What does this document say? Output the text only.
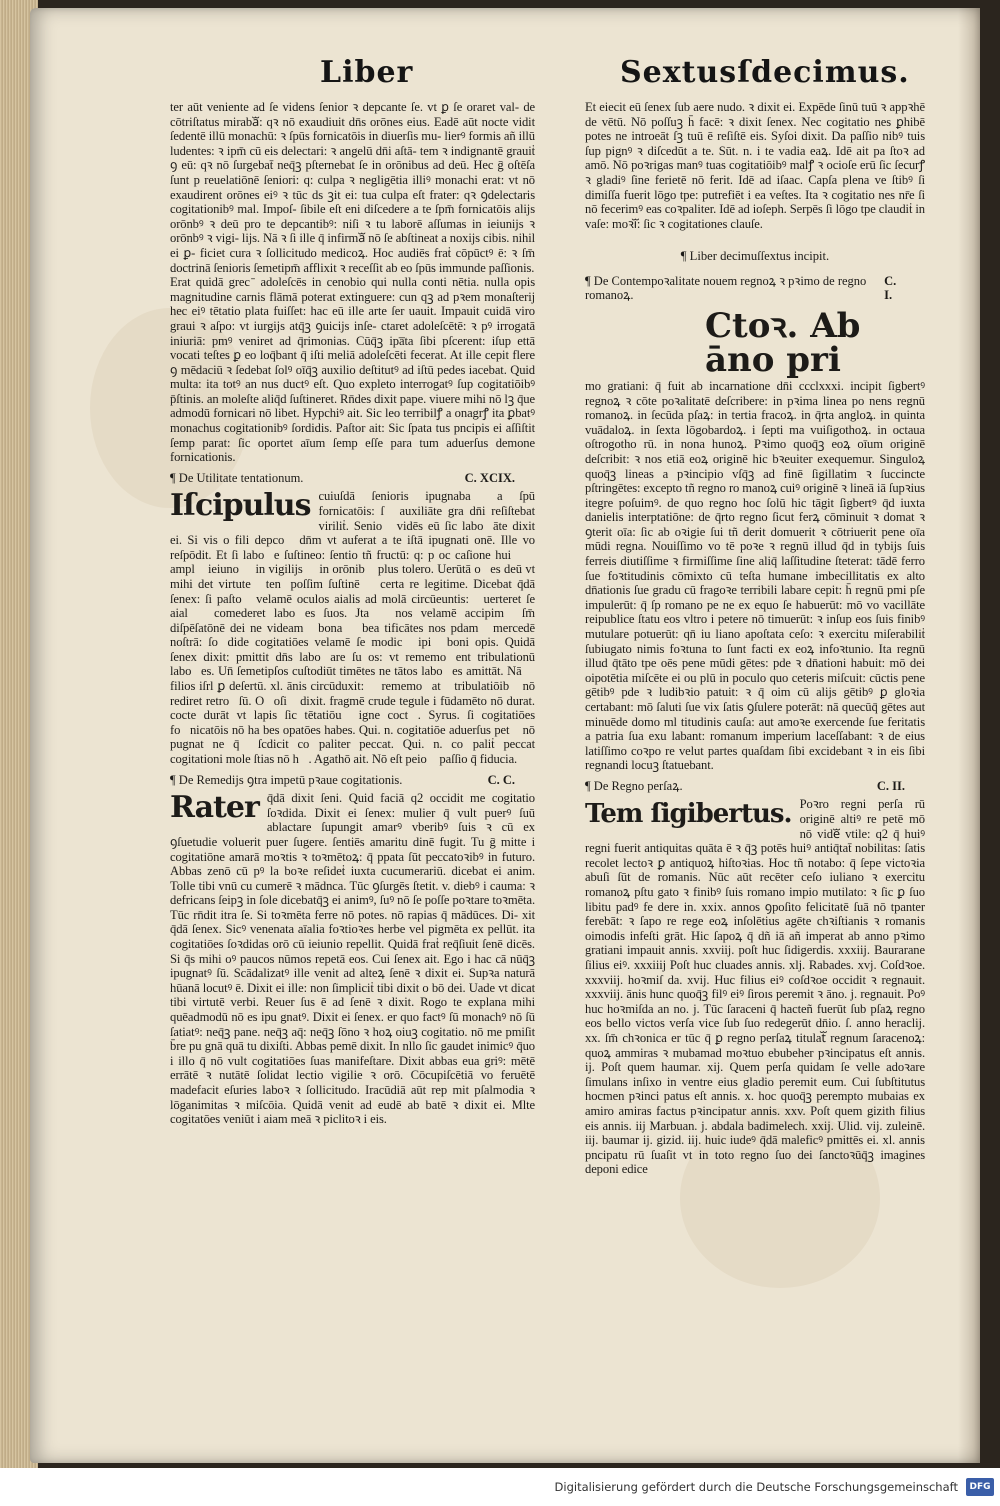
Liber	Sextusſdecimus.

ter aūt veniente ad ſe videns ſenior ꝛ depcante ſe. vt ꝑ ſe oraret val- de cōtriſtatus mirabaᷓ: qꝛ nō exaudiuit dn̄s orōnes eius. Eadē aūt nocte vidit ſedentē illū monachū: ꝛ ſpūs fornicatōis in diuerſis mu- lierꝰ formis añ illū ludentes: ꝛ ipm̄ cū eis delectari: ꝛ angelū dn̄i aſtā- tem ꝛ indignantē grauiṫ ꝯ eū: qꝛ nō ſurgebat̄ neq̄ꝫ pſternebat ſe in orōnibus ad deū. Hec ḡ oſtēſa ſunt p reuelatiōnē ſeniori: q: culpa ꝛ negligētia illiꝰ monachi erat: vt nō exaudirent orōnes eiꝰ ꝛ tūc ds ꝫit ei: tua culpa eſt frater: qꝛ ꝯdelectaris cogitationibꝰ mal. Impoſ- ſibile eſt eni diſcedere a te ſpm̄ fornicatōis alijs orōnbꝰ ꝛ deū pro te depcantibꝰ: niſi ꝛ tu laborē aſſumas in ieiunijs ꝛ orōnbꝰ ꝛ vigi- lijs. Nā ꝛ ſi ille q̄ infirmaᷓ nō ſe abſtineat a noxijs cibis. nihil ei ꝑ- ficiet cura ꝛ ſollicitudo medicoꝝ. Hoc audiēs fraṫ cōpūctꝰ ē: ꝛ ſm̄ doctrinā ſenioris ſemetipm̄ afflixit ꝛ receſſit ab eo ſpūs immunde paſſionis.

Erat quidā grec ̄ adoleſcēs in cenobio qui nulla conti nētia. nulla opis magnitudine carnis flāmā poterat extinguere: cun qꝫ ad pꝛem monaſterij hec eiꝰ tētatio plata fuiſſet: hac eū ille arte ſer uauit. Impauit cuidā viro graui ꝛ aſpo: vt iurgijs atq̄ꝫ ꝯuicijs inſe- ctaret adoleſcētē: ꝛ pꝰ irrogatā iniuriā: pmꝰ veniret ad q̄rimonias. Cūq̄ꝫ ipa̅ta ſibi pſcerent: iſup ettā vocati teſtes ꝑ eo loq̄bant q̄ iſti meliā adoleſcēti fecerat. At ille cepit flere ꝯ mēdaciū ꝛ ſedebat ſolꝰ oīq̄ꝫ auxilio deſtitutꝰ ad iſtū pedes iacebat. Quid multa: ita totꝰ an nus ductꝰ eſt. Quo expleto interrogatꝰ ſup cogitatiōibꝰ p̄ſtinis. an moleſte aliq̄d ſuſtineret. Rn̄des dixit pape. viuere mihi nō lꝫ q̄ue admodū fornicari nō libet. Hypchiꝰ ait. Sic leo terribilꝭ a onagrꝭ ita ꝑbatꝰ monachus cogitationibꝰ ſordidis. Paſtor ait: Sic ſpata tus pncipis ei aſſiſtit ſemp parat: ſic oportet aīum ſemp eſſe para tum aduerſus demone fornicationis.

¶ De Utilitate tentationum.	C. XCIX.

Iſcipulus cuiuſdā ſenioris ipugnabaᷓ a ſpū fornicatōis: ſꝫ auxiliāte gra dn̄i reſiſtebat viriliṫ. Senioꝛ vidēs eū ſic laboꝛāte dixit ei. Si vis o fili depcoꝛ dn̄m vt auferat a te iſtā ipugnati onē. Ille vo reſpōdit. Et ſi laboꝛe ſuſtineo: ſentio tñ fructū: q: p oc caſione huiꝰ ꝛ amplꝰ ieiuno ꝛ in vigilijs ꝛ in orōnibꝰ plus tolero. Uerūtā oꝛes deū vt mihi det virtute ꝯtenꝰpoſſim ſuſtinē ꝛ certa re legitime. Dicebat q̄dā ſenex: ſi paſtoꝛ velamē oculos aialis ad molā circūeuntis: ꝯuerteret ſe aial ꝛ comederet laboꝛes ſuos. Jta ꝛ nos velamē accipimꝰ ſm̄ diſpēſatōnē dei ne videamꝰ bona ꝛ bea tificātes nos pdamꝰ mercedē noſtrā: ſoꝛdide cogitatiōes velamē ſe modicꝰ ipiꝰ boni opis. Quidā ſenex dixit: pmittit dn̄s laboꝛare ſu os: vt rememoꝛent tribulationū laboꝛes. Un̄ ſemetipſos cuſtodiūt timētes ne tātos laboꝛes amittāt. Nā ꝛ filios iſrl ꝑ deſertū. xl. ānis circūduxit: ꝛ rememoꝛatꝰ tribulatiōibꝰ nō rediret retroꝛſū. Oꝛoſiꝰ dixit. fragmē crude tegule i fūdamēto nō durat. cocte durāt vt lapis ſic tētatiōuꝫ igne coctꝰ. Syrus. ſi cogitatiōes foꝛnicatōis nō ha bes opatōes habes. Qui. n. cogitatiōe aduerſus petꝰ nō pugnat ne q̄ꝫ ſcdicit coꝛpaliter peccat. Qui. n. coꝛpaliṫ peccat cogitationi mole ſtias nō hꝫ. Agathō ait. Nō eſt peioꝛ paſſio q̄ fiducia.

¶ De Remedijs ꝯtra impetū pꝛaue cogitationis.	C. C.

Rater q̄dā dixit ſeni. Quid faciā q2 occidit me cogitatio ſoꝛdida. Dixit ei ſenex: mulier q̄ vult puerꝰ ſuū ablactare ſupungit amarꝰ vberibꝰ ſuis ꝛ cū ex ꝯſuetudie voluerit puer ſugere. ſentiēs amaritu dinē fugit. Tu ḡ mitte i cogitatiōne amarā moꝛtis ꝛ toꝛmētoꝝ: q̄ ppata ſūt peccatoꝛibꝰ in futuro. Abbas zenō cū pꝰ la boꝛe reſideṫ iuxta cucumerariū. dicebat ei anim. Tolle tibi vnū cu cumerē ꝛ mādnca. Tūc ꝯſurgēs ſtetit. v. diebꝰ i cauma: ꝛ defricans ſeipꝫ in ſole dicebatq̄ꝫ ei animꝰ, ſuꝰ nō ſe poſſe poꝛtare toꝛmēta. Tūc rn̄dit itra ſe. Si toꝛmēta ferre nō potes. nō rapias q̄ mādūces. Di- xit q̄dā ſenex. Sicꝰ venenata aīalia foꝛtioꝛes herbe vel pigmēta ex pellūt. ita cogitatiōes ſoꝛdidas orō cū ieiunio repellit. Quidā fraṫ req̄ſiuit ſenē dicēs. Si q̄s mihi oꝰ paucos nūmos repetā eos. Cui ſenex ait. Ego i hac cā nūq̄ꝫ ipugnatꝰ ſū. Scādalizatꝰ ille venit ad alteꝝ ſenē ꝛ dixit ei. Supꝛa naturā hūanā locutꝰ ē. Dixit ei ille: non ſimpliciṫ tibi dixit o bō dei. Uade vt dicat tibi virtutē verbi. Reuer ſus ē ad ſenē ꝛ dixit. Rogo te explana mihi quēadmodū nō es ipu gnatꝰ. Dixit ei ſenex. er quo factꝰ ſū monachꝰ nō ſū ſatiatꝰ: neq̄ꝫ pane. neq̄ꝫ aq̄: neq̄ꝫ ſōno ꝛ hoꝝ oiuꝫ cogitatio. nō me pmiſit b̄re pu gnā quā tu dixiſti. Abbas pemē dixit. In nllo ſic gaudet inimicꝰ q̄uo i illo q̄ nō vult cogitatiōes ſuas manifeſtare. Dixit abbas eua griꝰ: mētē errātē ꝛ nutātē ſolidat lectio vigilie ꝛ orō. Cōcupiſcētiā vo feruētē madefacit eſuries laboꝛ ꝛ ſollicitudo. Iracūdiā aūt rep mit pſalmodia ꝛ lōganimitas ꝛ miſcōia. Quidā venit ad eudē ab batē ꝛ dixit ei. Mlte cogitatōes veniūt i aiam meā ꝛ piclitoꝛ i eis.

Et eiecit eū ſenex ſub aere nudo. ꝛ dixit ei. Expēde ſinū tuū ꝛ appꝛhē de vētū. Nō poſſuꝫ h̄ facē: ꝛ dixit ſenex. Nec cogitatio nes ꝑhibē potes ne introeāt ſꝫ tuū ē reſiſtē eis. Syſoi dixit. Da paſſio nibꝰ tuis ſup pignꝰ ꝛ diſcedūt a te. Sūt. n. i te vadia eaꝝ. Idē ait pa ſtoꝛ ad amō. Nō poꝛrigas manꝰ tuas cogitatiōibꝰ malꝭ ꝛ ocioſe erū ſic ſecurꝭ ꝛ gladiꝰ ſine ferietē nō ferit. Idē ad iſaac. Capſa plena ve ſtibꝰ ſi dimiſſa fuerit lōgo tpe: putrefiēt i ea veſtes. Ita ꝛ cogitatio nes nr̄e ſi nō fecerimꝰ eas coꝛpaliter. Idē ad ioſeph. Serpēs ſi lōgo tpe claudiṫ in vaſe: moꝛiᷓ: ſic ꝛ cogitationes clauſe.

¶ Liber decimuſſextus incipit.
¶ De Contempoꝛalitate nouem regnoꝝ ꝛ pꝛimo de regno romanoꝝ.
C. I.
Ctoꝛ. Ab āno pri

mo gratiani: q̄ fuit ab incarnatione dn̄i ccclxxxi. incipit ſigbertꝰ regnoꝝ ꝛ cōte poꝛalitatē deſcribere: in pꝛima linea po nens regnū romanoꝝ. in ſecūda pſaꝝ: in tertia fracoꝝ. in q̄rta angloꝝ. in quinta vuādaloꝝ. in ſexta lōgobardoꝝ. i ſepti ma vuiſigothoꝝ. in octaua oſtrogotho rū. in nona hunoꝝ. Pꝛimo quoq̄ꝫ eoꝝ oīum originē deſcribit: ꝛ nos etiā eoꝝ originē hic bꝛeuiter exequemur. Singuloꝝ quoq̄ꝫ lineas a pꝛincipio vſq̄ꝫ ad finē ſigillatim ꝛ ſuccincte pſtringētes: excepto tñ regno ro manoꝝ cuiꝰ originē ꝛ lineā iā ſupꝛius itegre poſuimꝰ. de quo regno hoc ſolū hic tāgit ſigbertꝰ q̄d iuxta danielis interptatiōne: de q̄rto regno ſicut ferꝝ cōminuit ꝛ domat ꝛ ꝯterit oīa: ſic ab oꝛigie ſui tñ derit domuerit ꝛ cōtriuerit pene oīa mūdi regna. Nouiſſimo vo tē poꝛe ꝛ regnū illud q̄d in tybijs ſuis ferreis diutiſſime ꝛ firmiſſime ſine aliq̄ laſſitudine ſteterat: tādē ferro ſue foꝛtitudinis cōmixto cū teſta humane imbecillitatis ex alto dn̄ationis ſue gradu cū fragoꝛe terribili labare cepit: h̄ regnū pmi pſe impulerūt: q̄ ſp romano pe ne ex equo ſe habuerūt: mō vo vacillāte reipublice ſtatu eos vltro i petere nō timuerūt: ꝛ inſup eos ſuis finibꝰ mutulare potuerūt: qn̄ iu liano apoſtata ceſo: ꝛ exercitu miſerabiliṫ ſubiugato nimis foꝛtuna to ſunt facti ex eoꝝ infoꝛtunio. Ita regnū illud q̄tāto tpe oēs pene mūdi gētes: pde ꝛ dn̄ationi habuit: mō dei oipotētia miſcēte ei ou plū in poculo quo ceteris miſcuit: cūctis pene gētibꝰ pde ꝛ ludibꝛio patuit: ꝛ q̄ oim cū alijs gētibꝰ ꝑ gloꝛia certabant: mō ſaluti ſue vix ſatis ꝯſulere poterāt: nā quecūq̄ gētes aut minuēde domo ml titudinis cauſa: aut amoꝛe exercende ſue feritatis a patria ſua exu labant: romanum imperium laceſſabant: ꝛ de eius latiſſimo coꝛpo re velut partes quaſdam ſibi excidebant ꝛ in eis ſibi regnandi locuꝫ ſtatuebant.

¶ De Regno perſaꝝ.	C. II.

Tem ſigibertus. Poꝛro regni perſa rū originē altiꝰ re petē mō nō videᷓ vtile: q2 q̄ huiꝰ regni fuerit antiquitas quāta ē ꝛ q̄ꝫ potēs huiꝰ antiq̄tat̄ nobilitas: ſatis recolet lectoꝛ ꝑ antiquoꝝ hiſtoꝛias. Hoc tñ notabo: q̄ ſepe victoꝛia abuſi ſūt de romanis. Nūc aūt recēter ceſo iuliano ꝛ exercitu romanoꝝ pſtu gato ꝛ finibꝰ ſuis romano impio mutilato: ꝛ ſic ꝑ ſuo libitu padꝰ fe dere in. xxix. annos ꝯpoſito felicitatē ſuā nō tpanter ferebāt: ꝛ ſapo re rege eoꝝ inſolētius agēte chꝛiſtianis ꝛ romanis oimodis infeſti grāt. Hic ſapoꝝ q̄ dñ iā añ imperat ab anno pꝛimo gratiani impauit annis. xxviij. poſt huc ſidigerdis. xxxiij. Baurarane ſilius eiꝰ. xxxiiij Poſt huc cluades annis. xlj. Rabades. xvj. Coſdꝛoe. xxxviij. hoꝛmiſ da. xvij. Huc filius eiꝰ coſdꝛoe occidit ꝛ regnauit. xxxviij. ānis hunc quoq̄ꝫ filꝰ eiꝰ ſiroıs peremit ꝛ āno. j. regnauit. Poꝰ huc hoꝛmiſda an no. j. Tūc ſaraceni q̄ hacteñ fuerūt ſub pſaꝝ regno eos bello victos verſa vice ſub ſuo redegerūt dn̄io. ſ. anno heraclij. xx. ſm̄ chꝛonica er tūc q̄ ꝑ regno perſaꝝ titulatᷓ regnum ſaracenoꝝ: quoꝝ ammiras ꝛ mubamad moꝛtuo ebubeher pꝛincipatus eſt annis. ij. Poſt quem haumar. xij. Quem perſa quidam ſe velle adoꝛare ſimulans inſixo in ventre eius gladio peremit eum. Cui ſubſtitutus hocmen pꝛinci patus eſt annis. x. hoc quoq̄ꝫ perempto mubaias ex amiro amiras factus pꝛincipatur annis. xxv. Poſt quem gizith filius eis annis. iij Marbuan. j. abdala badimelech. xxij. Ulid. vij. zuleinē. iij. baumar ij. gizid. iij. huic iudeꝰ q̄dā maleficꝰ pmittēs ei. xl. annis pncipatu rū ſuaſit vt in toto regno ſuo dei ſanctoꝛūq̄ꝫ imagines deponi edice

Digitalisierung gefördert durch die Deutsche Forschungsgemeinschaft	DFG
